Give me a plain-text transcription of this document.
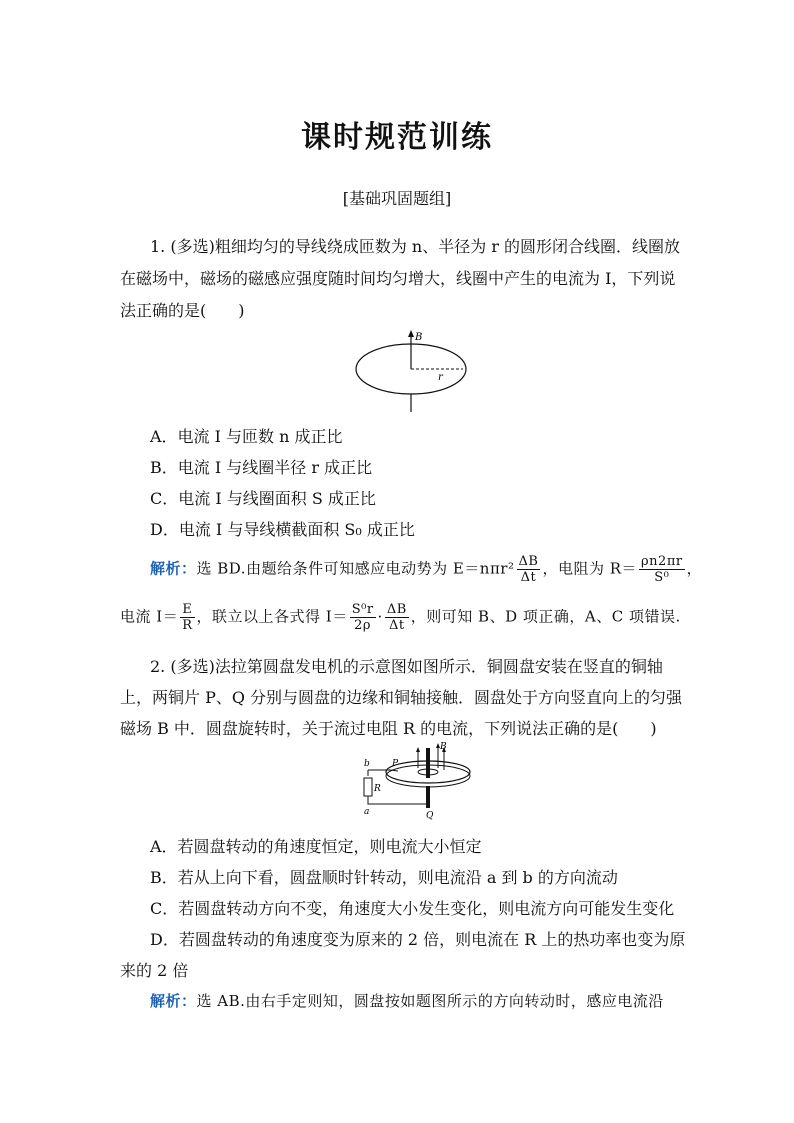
课时规范训练
[基础巩固题组]
1. (多选)粗细均匀的导线绕成匝数为 n、半径为 r 的圆形闭合线圈．线圈放
在磁场中，磁场的磁感应强度随时间均匀增大，线圈中产生的电流为 I，下列说
法正确的是(　　)
B
r
A．电流 I 与匝数 n 成正比
B．电流 I 与线圈半径 r 成正比
C．电流 I 与线圈面积 S 成正比
D．电流 I 与导线横截面积 S₀ 成正比
解析：选 BD.由题给条件可知感应电动势为 $E=n\pi r^2 \frac{\Delta B}{\Delta t}$ ，电阻为 $R= \frac{\rho n2\pi r}{\text{S⁰}}$ ，
电流 $I= \frac{E}{R}$ ，联立以上各式得 $I= \frac{\text{S⁰r}}{2\rho} \cdot \frac{\Delta B}{\Delta t}$ ，则可知 B、D 项正确，A、C 项错误.
2. (多选)法拉第圆盘发电机的示意图如图所示．铜圆盘安装在竖直的铜轴
上，两铜片 P、Q 分别与圆盘的边缘和铜轴接触．圆盘处于方向竖直向上的匀强
磁场 B 中．圆盘旋转时，关于流过电阻 R 的电流，下列说法正确的是(　　)
b P
B
R
a	Q
A．若圆盘转动的角速度恒定，则电流大小恒定
B．若从上向下看，圆盘顺时针转动，则电流沿 a 到 b 的方向流动
C．若圆盘转动方向不变，角速度大小发生变化，则电流方向可能发生变化
D．若圆盘转动的角速度变为原来的 2 倍，则电流在 R 上的热功率也变为原
来的 2 倍
解析：选 AB.由右手定则知，圆盘按如题图所示的方向转动时，感应电流沿
